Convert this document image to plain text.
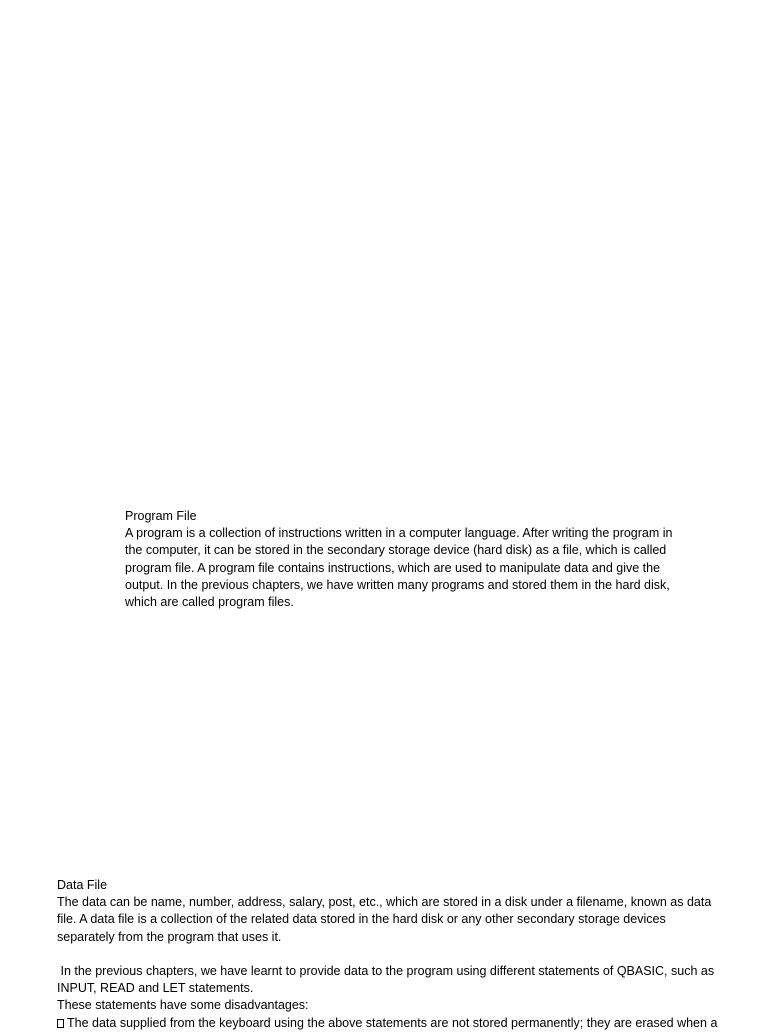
Program File

A program is a collection of instructions written in a computer language. After writing the program in

the computer, it can be stored in the secondary storage device (hard disk) as a file, which is called

program file. A program file contains instructions, which are used to manipulate data and give the

output. In the previous chapters, we have written many programs and stored them in the hard disk,

which are called program files.

Data File

The data can be name, number, address, salary, post, etc., which are stored in a disk under a filename, known as data

file. A data file is a collection of the related data stored in the hard disk or any other secondary storage devices

separately from the program that uses it.

In the previous chapters, we have learnt to provide data to the program using different statements of QBASIC, such as

INPUT, READ and LET statements.

These statements have some disadvantages:

The data supplied from the keyboard using the above statements are not stored permanently; they are erased when a
